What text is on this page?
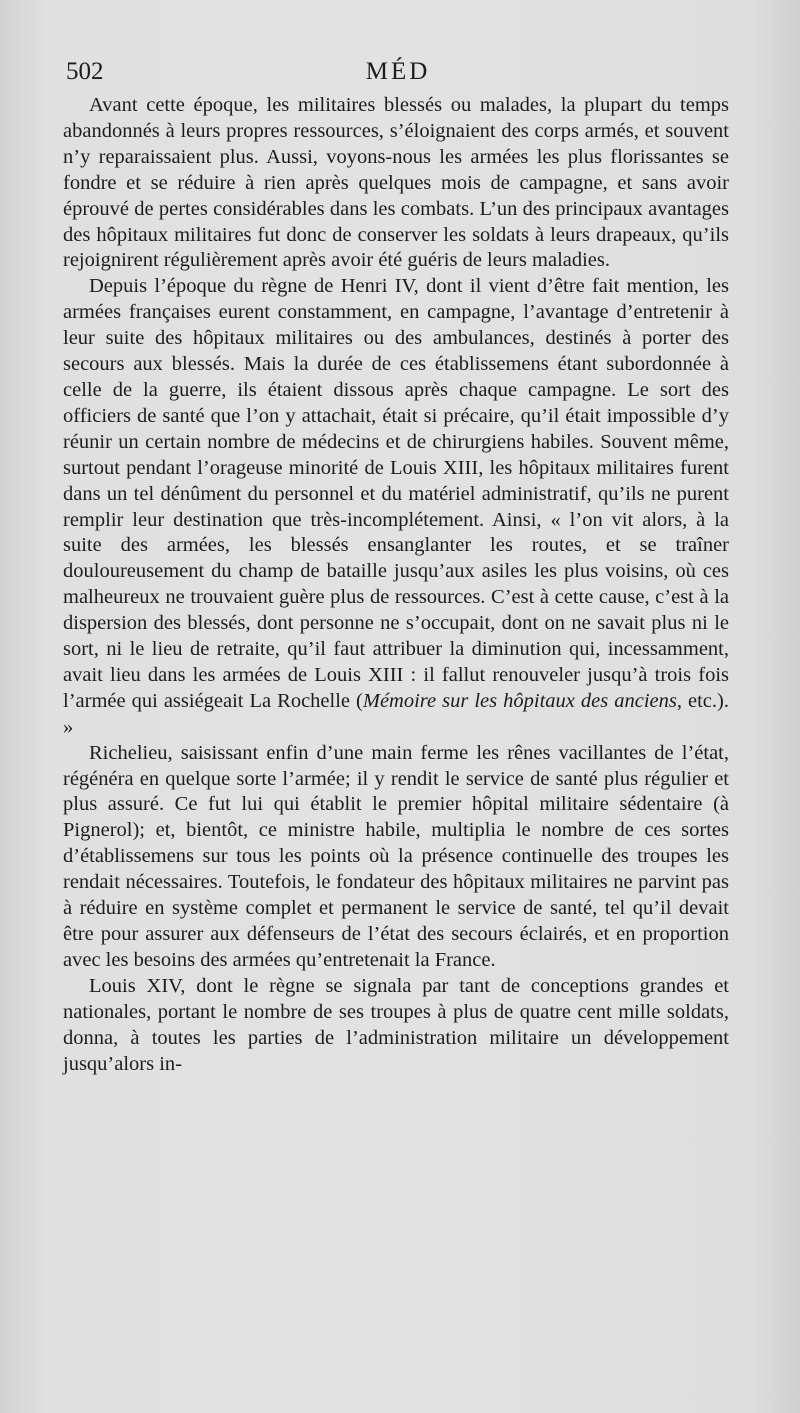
502	MÉD

Avant cette époque, les militaires blessés ou malades, la plupart du temps abandonnés à leurs propres ressources, s’éloignaient des corps armés, et souvent n’y reparaissaient plus. Aussi, voyons-nous les armées les plus florissantes se fondre et se réduire à rien après quelques mois de campagne, et sans avoir éprouvé de pertes considérables dans les combats. L’un des principaux avantages des hôpitaux militaires fut donc de conserver les soldats à leurs drapeaux, qu’ils rejoignirent régulièrement après avoir été guéris de leurs maladies.

Depuis l’époque du règne de Henri IV, dont il vient d’être fait mention, les armées françaises eurent constamment, en campagne, l’avantage d’entretenir à leur suite des hôpitaux militaires ou des ambulances, destinés à porter des secours aux blessés. Mais la durée de ces établissemens étant subordonnée à celle de la guerre, ils étaient dissous après chaque campagne. Le sort des officiers de santé que l’on y attachait, était si précaire, qu’il était impossible d’y réunir un certain nombre de médecins et de chirurgiens habiles. Souvent même, surtout pendant l’orageuse minorité de Louis XIII, les hôpitaux militaires furent dans un tel dénûment du personnel et du matériel administratif, qu’ils ne purent remplir leur destination que très-incomplétement. Ainsi, « l’on vit alors, à la suite des armées, les blessés ensanglanter les routes, et se traîner douloureusement du champ de bataille jusqu’aux asiles les plus voisins, où ces malheureux ne trouvaient guère plus de ressources. C’est à cette cause, c’est à la dispersion des blessés, dont personne ne s’occupait, dont on ne savait plus ni le sort, ni le lieu de retraite, qu’il faut attribuer la diminution qui, incessamment, avait lieu dans les armées de Louis XIII : il fallut renouveler jusqu’à trois fois l’armée qui assiégeait La Rochelle (Mémoire sur les hôpitaux des anciens, etc.). »

Richelieu, saisissant enfin d’une main ferme les rênes vacillantes de l’état, régénéra en quelque sorte l’armée; il y rendit le service de santé plus régulier et plus assuré. Ce fut lui qui établit le premier hôpital militaire sédentaire (à Pignerol); et, bientôt, ce ministre habile, multiplia le nombre de ces sortes d’établissemens sur tous les points où la présence continuelle des troupes les rendait nécessaires. Toutefois, le fondateur des hôpitaux militaires ne parvint pas à réduire en système complet et permanent le service de santé, tel qu’il devait être pour assurer aux défenseurs de l’état des secours éclairés, et en proportion avec les besoins des armées qu’entretenait la France.

Louis XIV, dont le règne se signala par tant de conceptions grandes et nationales, portant le nombre de ses troupes à plus de quatre cent mille soldats, donna, à toutes les parties de l’administration militaire un développement jusqu’alors in-
